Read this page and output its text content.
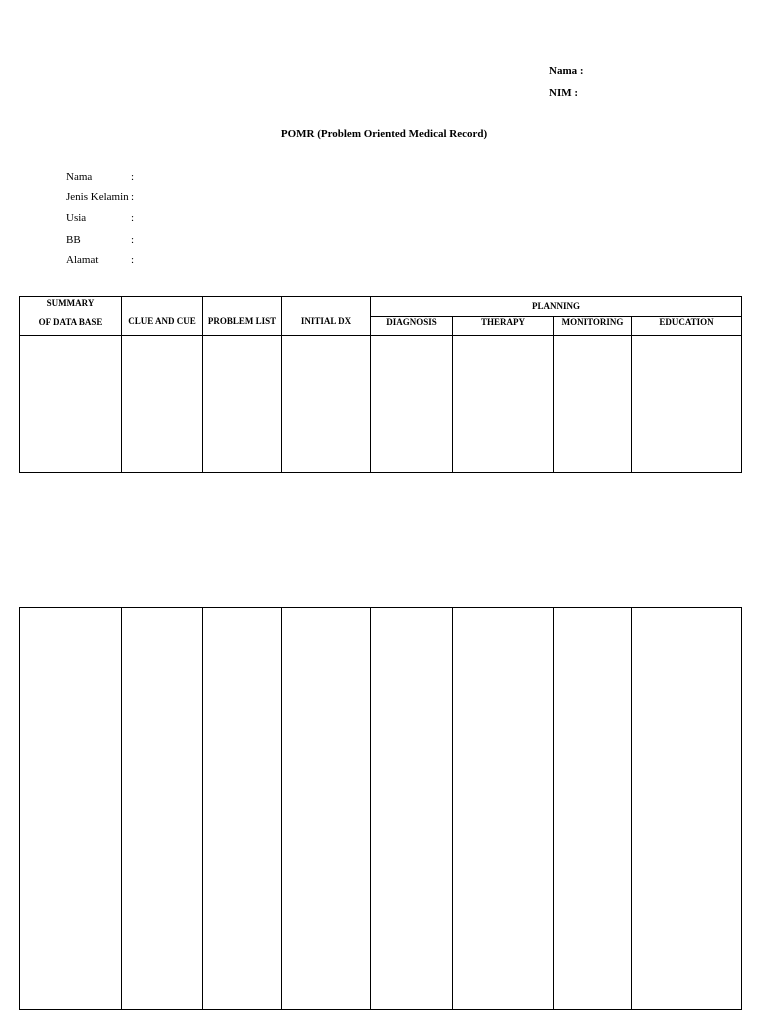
Nama :
NIM :
POMR (Problem Oriented Medical Record)
Nama	:
Jenis Kelamin :
Usia	:
BB	:
Alamat	:
SUMMARY
OF DATA BASE	CLUE AND CUE	PROBLEM LIST	INITIAL DX	PLANNING			
				DIAGNOSIS	THERAPY	MONITORING	EDUCATION
